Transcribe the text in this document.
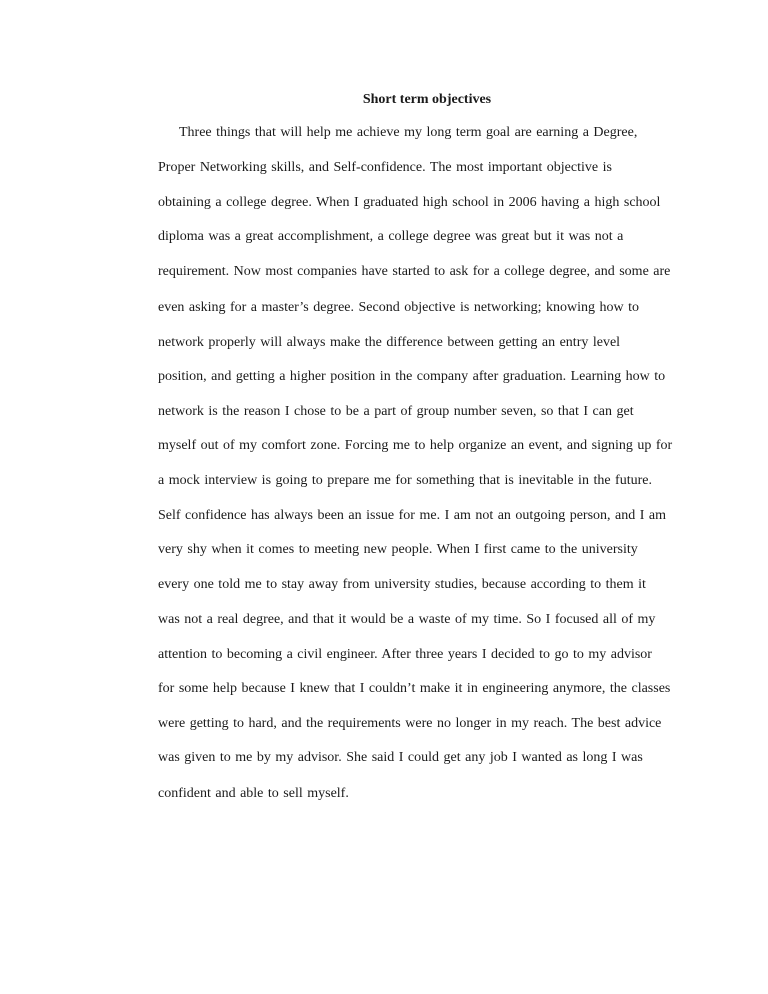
Short term objectives
Three things that will help me achieve my long term goal are earning a Degree,
Proper Networking skills, and Self-confidence. The most important objective is
obtaining a college degree. When I graduated high school in 2006 having a high school
diploma was a great accomplishment, a college degree was great but it was not a
requirement. Now most companies have started to ask for a college degree, and some are
even asking for a master’s degree. Second objective is networking; knowing how to
network properly will always make the difference between getting an entry level
position, and getting a higher position in the company after graduation. Learning how to
network is the reason I chose to be a part of group number seven, so that I can get
myself out of my comfort zone. Forcing me to help organize an event, and signing up for
a mock interview is going to prepare me for something that is inevitable in the future.
Self confidence has always been an issue for me. I am not an outgoing person, and I am
very shy when it comes to meeting new people. When I first came to the university
every one told me to stay away from university studies, because according to them it
was not a real degree, and that it would be a waste of my time. So I focused all of my
attention to becoming a civil engineer. After three years I decided to go to my advisor
for some help because I knew that I couldn’t make it in engineering anymore, the classes
were getting to hard, and the requirements were no longer in my reach. The best advice
was given to me by my advisor. She said I could get any job I wanted as long I was
confident and able to sell myself.
